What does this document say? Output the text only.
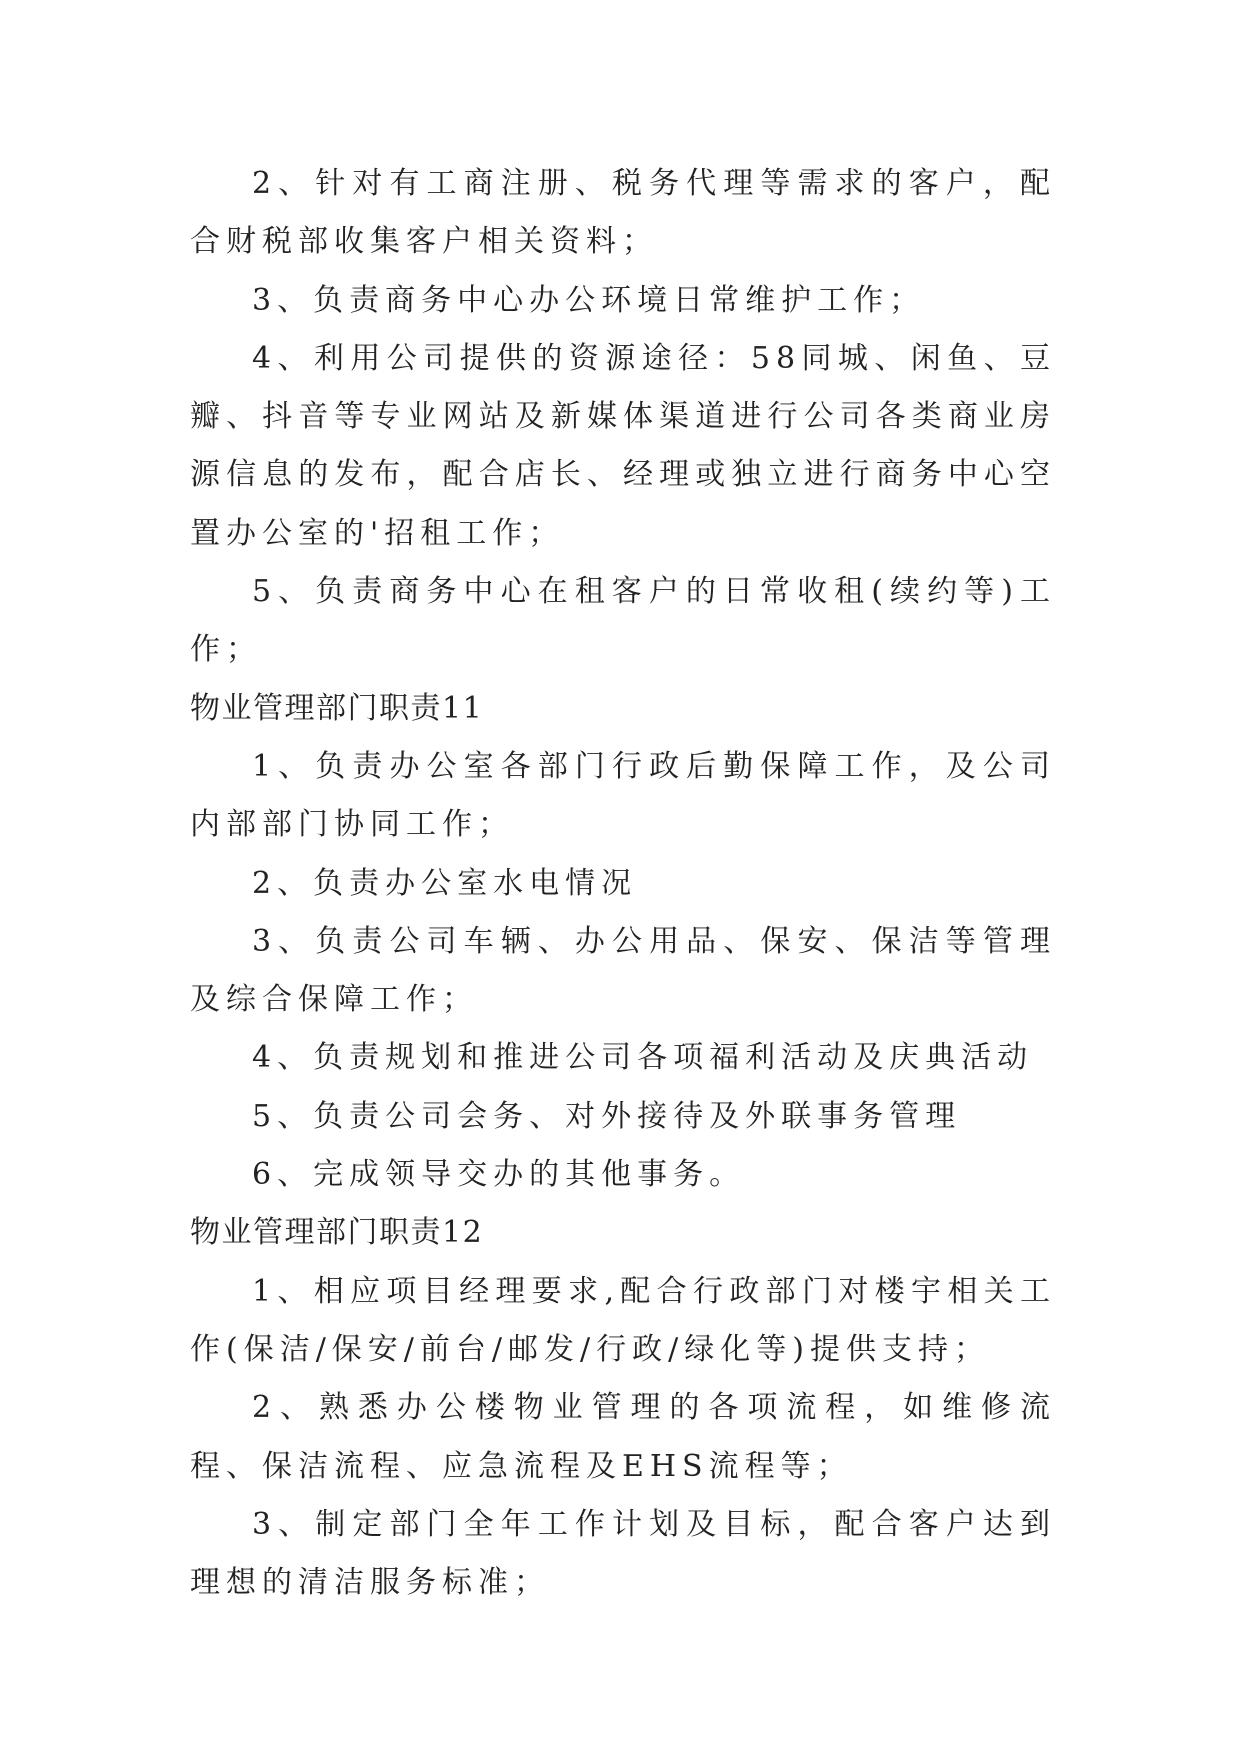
2、针对有工商注册、税务代理等需求的客户，配合财税部收集客户相关资料；

3、负责商务中心办公环境日常维护工作；

4、利用公司提供的资源途径：58同城、闲鱼、豆瓣、抖音等专业网站及新媒体渠道进行公司各类商业房源信息的发布，配合店长、经理或独立进行商务中心空置办公室的'招租工作；

5、负责商务中心在租客户的日常收租(续约等)工作；

物业管理部门职责11

1、负责办公室各部门行政后勤保障工作，及公司内部部门协同工作；

2、负责办公室水电情况

3、负责公司车辆、办公用品、保安、保洁等管理及综合保障工作；

4、负责规划和推进公司各项福利活动及庆典活动

5、负责公司会务、对外接待及外联事务管理

6、完成领导交办的其他事务。

物业管理部门职责12

1、相应项目经理要求,配合行政部门对楼宇相关工作(保洁/保安/前台/邮发/行政/绿化等)提供支持；

2、熟悉办公楼物业管理的各项流程，如维修流程、保洁流程、应急流程及EHS流程等；

3、制定部门全年工作计划及目标，配合客户达到理想的清洁服务标准；
